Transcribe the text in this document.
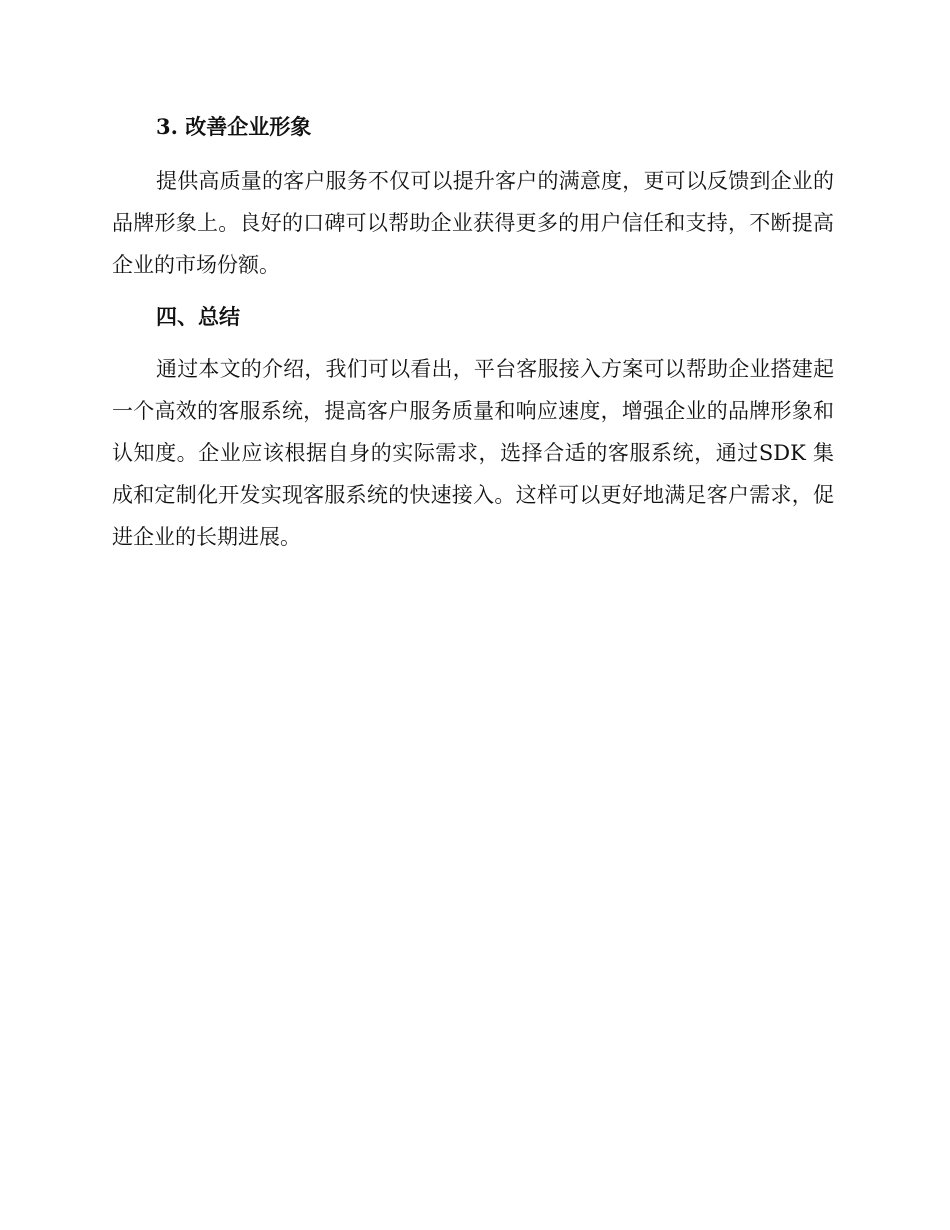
3. 改善企业形象

提供高质量的客户服务不仅可以提升客户的满意度，更可以反馈到企业的品牌形象上。良好的口碑可以帮助企业获得更多的用户信任和支持，不断提高企业的市场份额。

四、总结

通过本文的介绍，我们可以看出，平台客服接入方案可以帮助企业搭建起一个高效的客服系统，提高客户服务质量和响应速度，增强企业的品牌形象和认知度。企业应该根据自身的实际需求，选择合适的客服系统，通过SDK 集成和定制化开发实现客服系统的快速接入。这样可以更好地满足客户需求，促进企业的长期进展。
